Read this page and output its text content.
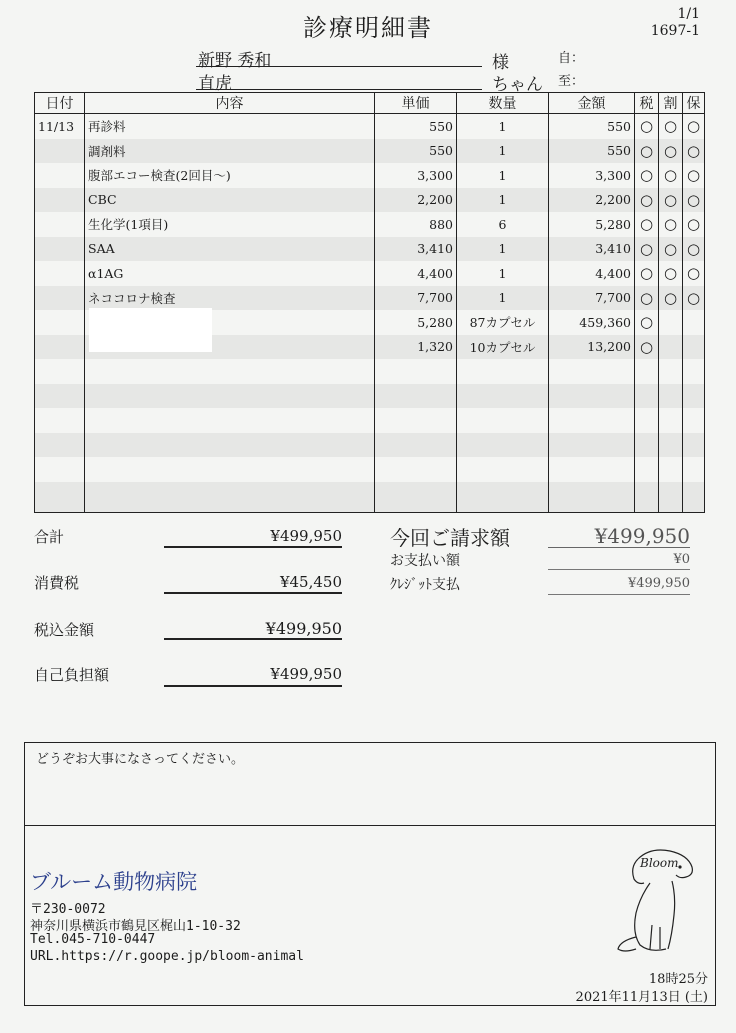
診療明細書	1/1
1697-1
新野 秀和	様	自：
直虎	ちゃん 至：
日付	内容	単価	数量	金額	税	割	保
11/13	再診料	550	1	550	○	○	○
	調剤料	550	1	550	○	○	○
	腹部エコー検査(2回目～)	3,300	1	3,300	○	○	○
	CBC	2,200	1	2,200	○	○	○
	生化学(1項目)	880	6	5,280	○	○	○
	SAA	3,410	1	3,410	○	○	○
	α1AG	4,400	1	4,400	○	○	○
	ネココロナ検査	7,700	1	7,700	○	○	○
		5,280	87カプセル	459,360	○		
		1,320	10カプセル	13,200	○		

合計	¥499,950
消費税	¥45,450
税込金額	¥499,950
自己負担額	¥499,950
今回ご請求額	¥499,950
お支払い額	¥0
ｸﾚｼﾞｯﾄ支払	¥499,950
どうぞお大事になさってください。
ブルーム動物病院
〒230-0072
神奈川県横浜市鶴見区梶山1-10-32
Tel.045-710-0447
URL.https://r.goope.jp/bloom-animal
Bloom
18時25分
2021年11月13日 (土)
